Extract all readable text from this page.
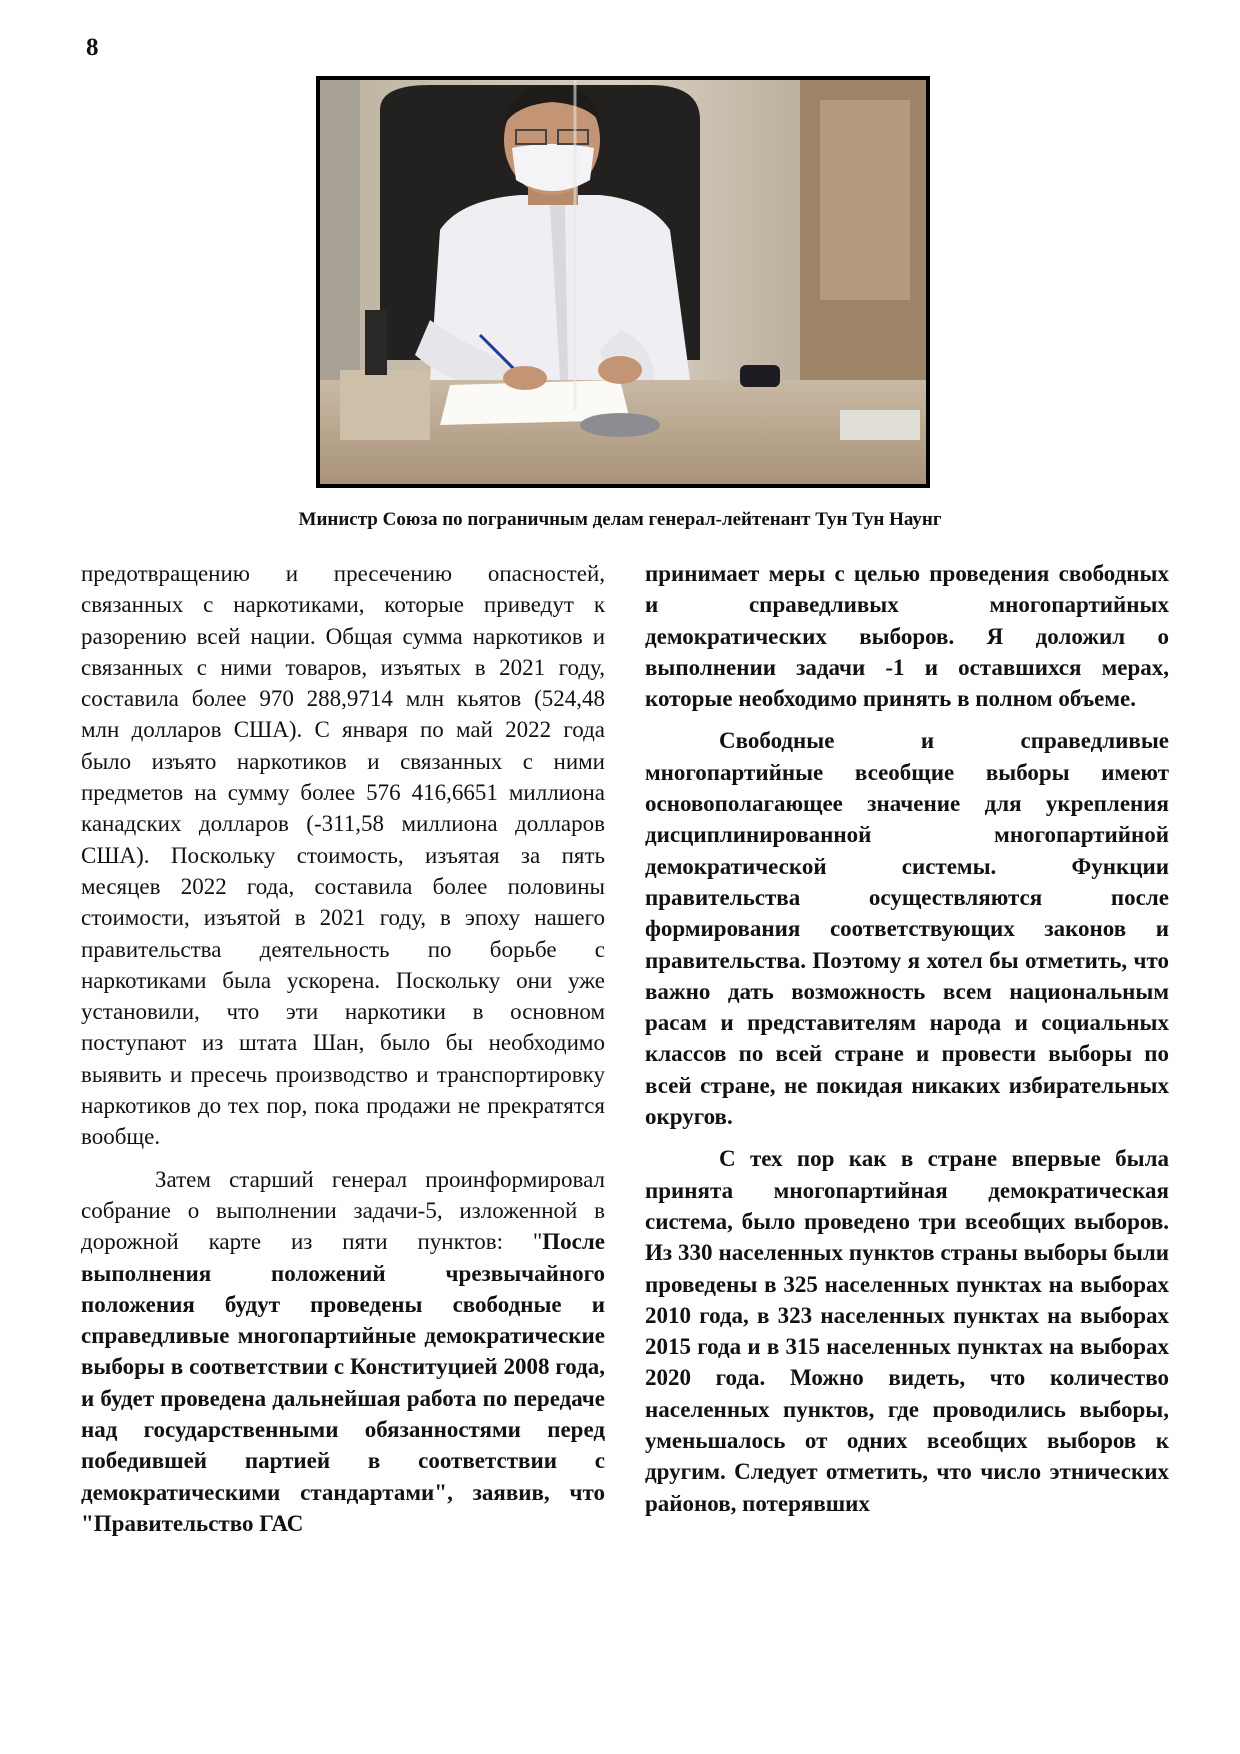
8
Министр Союза по пограничным делам генерал-лейтенант Тун Тун Наунг

предотвращению и пресечению опасностей, связанных с наркотиками, которые приведут к разорению всей нации. Общая сумма наркотиков и связанных с ними товаров, изъятых в 2021 году, составила более 970 288,9714 млн кьятов (524,48 млн долларов США). С января по май 2022 года было изъято наркотиков и связанных с ними предметов на сумму более 576 416,6651 миллиона канадских долларов (-311,58 миллиона долларов США). Поскольку стоимость, изъятая за пять месяцев 2022 года, составила более половины стоимости, изъятой в 2021 году, в эпоху нашего правительства деятельность по борьбе с наркотиками была ускорена. Поскольку они уже установили, что эти наркотики в основном поступают из штата Шан, было бы необходимо выявить и пресечь производство и транспортировку наркотиков до тех пор, пока продажи не прекратятся вообще.

Затем старший генерал проинформировал собрание о выполнении задачи-5, изложенной в дорожной карте из пяти пунктов: "После выполнения положений чрезвычайного положения будут проведены свободные и справедливые многопартийные демократические выборы в соответствии с Конституцией 2008 года, и будет проведена дальнейшая работа по передаче над государственными обязанностями перед победившей партией в соответствии с демократическими стандартами", заявив, что "Правительство ГАС

принимает меры с целью проведения свободных и справедливых многопартийных демократических выборов. Я доложил о выполнении задачи -1 и оставшихся мерах, которые необходимо принять в полном объеме.

Свободные и справедливые многопартийные всеобщие выборы имеют основополагающее значение для укрепления дисциплинированной многопартийной демократической системы. Функции правительства осуществляются после формирования соответствующих законов и правительства. Поэтому я хотел бы отметить, что важно дать возможность всем национальным расам и представителям народа и социальных классов по всей стране и провести выборы по всей стране, не покидая никаких избирательных округов.

С тех пор как в стране впервые была принята многопартийная демократическая система, было проведено три всеобщих выборов. Из 330 населенных пунктов страны выборы были проведены в 325 населенных пунктах на выборах 2010 года, в 323 населенных пунктах на выборах 2015 года и в 315 населенных пунктах на выборах 2020 года. Можно видеть, что количество населенных пунктов, где проводились выборы, уменьшалось от одних всеобщих выборов к другим. Следует отметить, что число этнических районов, потерявших
